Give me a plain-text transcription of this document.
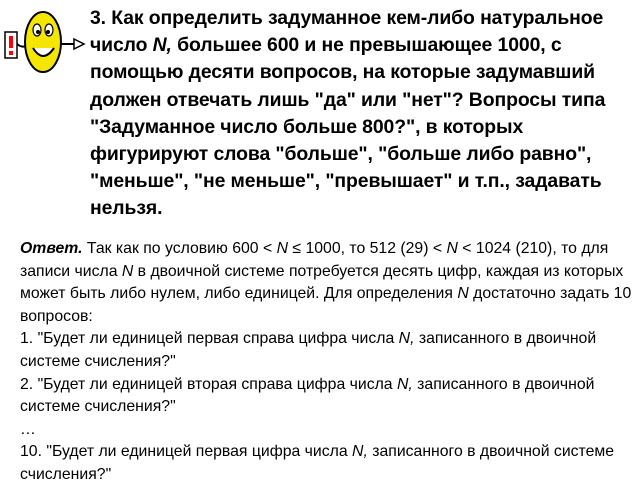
3. Как определить задуманное кем-либо натуральное число N, большее 600 и не превышающее 1000, с помощью десяти вопросов, на которые задумавший должен отвечать лишь "да" или "нет"? Вопросы типа "Задуманное число больше 800?", в которых фигурируют слова "больше", "больше либо равно", "меньше", "не меньше", "превышает" и т.п., задавать нельзя.

Ответ. Так как по условию 600 < N ≤ 1000, то 512 (29) < N < 1024 (210), то для записи числа N в двоичной системе потребуется десять цифр, каждая из которых может быть либо нулем, либо единицей. Для определения N достаточно задать 10 вопросов:

1. "Будет ли единицей первая справа цифра числа N, записанного в двоичной системе счисления?"

2. "Будет ли единицей вторая справа цифра числа N, записанного в двоичной системе счисления?"

…

10. "Будет ли единицей первая цифра числа N, записанного в двоичной системе счисления?"
